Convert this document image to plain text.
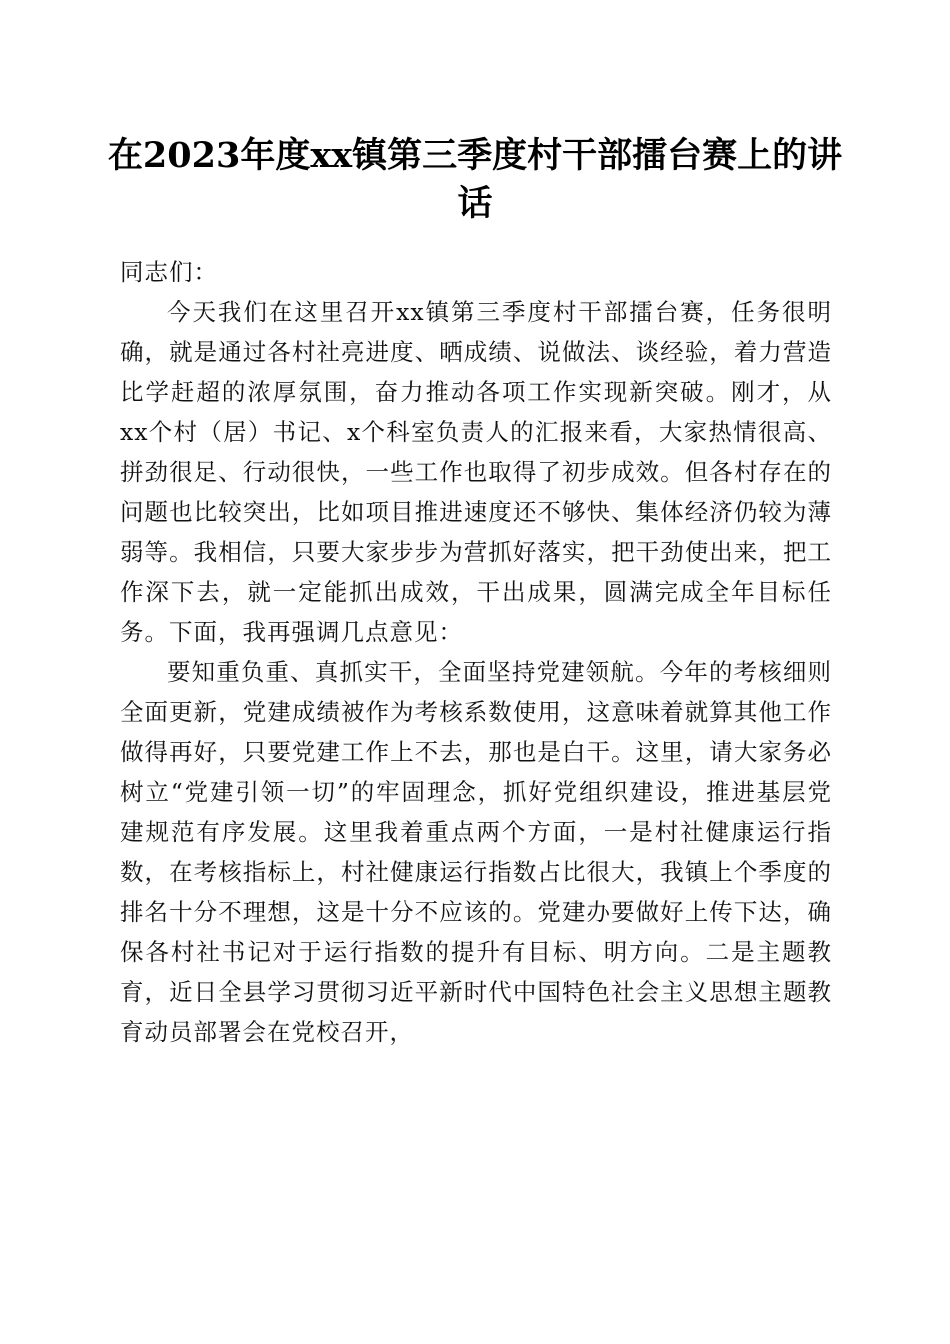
在2023年度xx镇第三季度村干部擂台赛上的讲话

同志们：

今天我们在这里召开xx镇第三季度村干部擂台赛，任务很明确，就是通过各村社亮进度、晒成绩、说做法、谈经验，着力营造比学赶超的浓厚氛围，奋力推动各项工作实现新突破。刚才，从xx个村（居）书记、x个科室负责人的汇报来看，大家热情很高、拼劲很足、行动很快，一些工作也取得了初步成效。但各村存在的问题也比较突出，比如项目推进速度还不够快、集体经济仍较为薄弱等。我相信，只要大家步步为营抓好落实，把干劲使出来，把工作深下去，就一定能抓出成效，干出成果，圆满完成全年目标任务。下面，我再强调几点意见：

要知重负重、真抓实干，全面坚持党建领航。今年的考核细则全面更新，党建成绩被作为考核系数使用，这意味着就算其他工作做得再好，只要党建工作上不去，那也是白干。这里，请大家务必树立“党建引领一切”的牢固理念，抓好党组织建设，推进基层党建规范有序发展。这里我着重点两个方面，一是村社健康运行指数，在考核指标上，村社健康运行指数占比很大，我镇上个季度的排名十分不理想，这是十分不应该的。党建办要做好上传下达，确保各村社书记对于运行指数的提升有目标、明方向。二是主题教育，近日全县学习贯彻习近平新时代中国特色社会主义思想主题教育动员部署会在党校召开，
